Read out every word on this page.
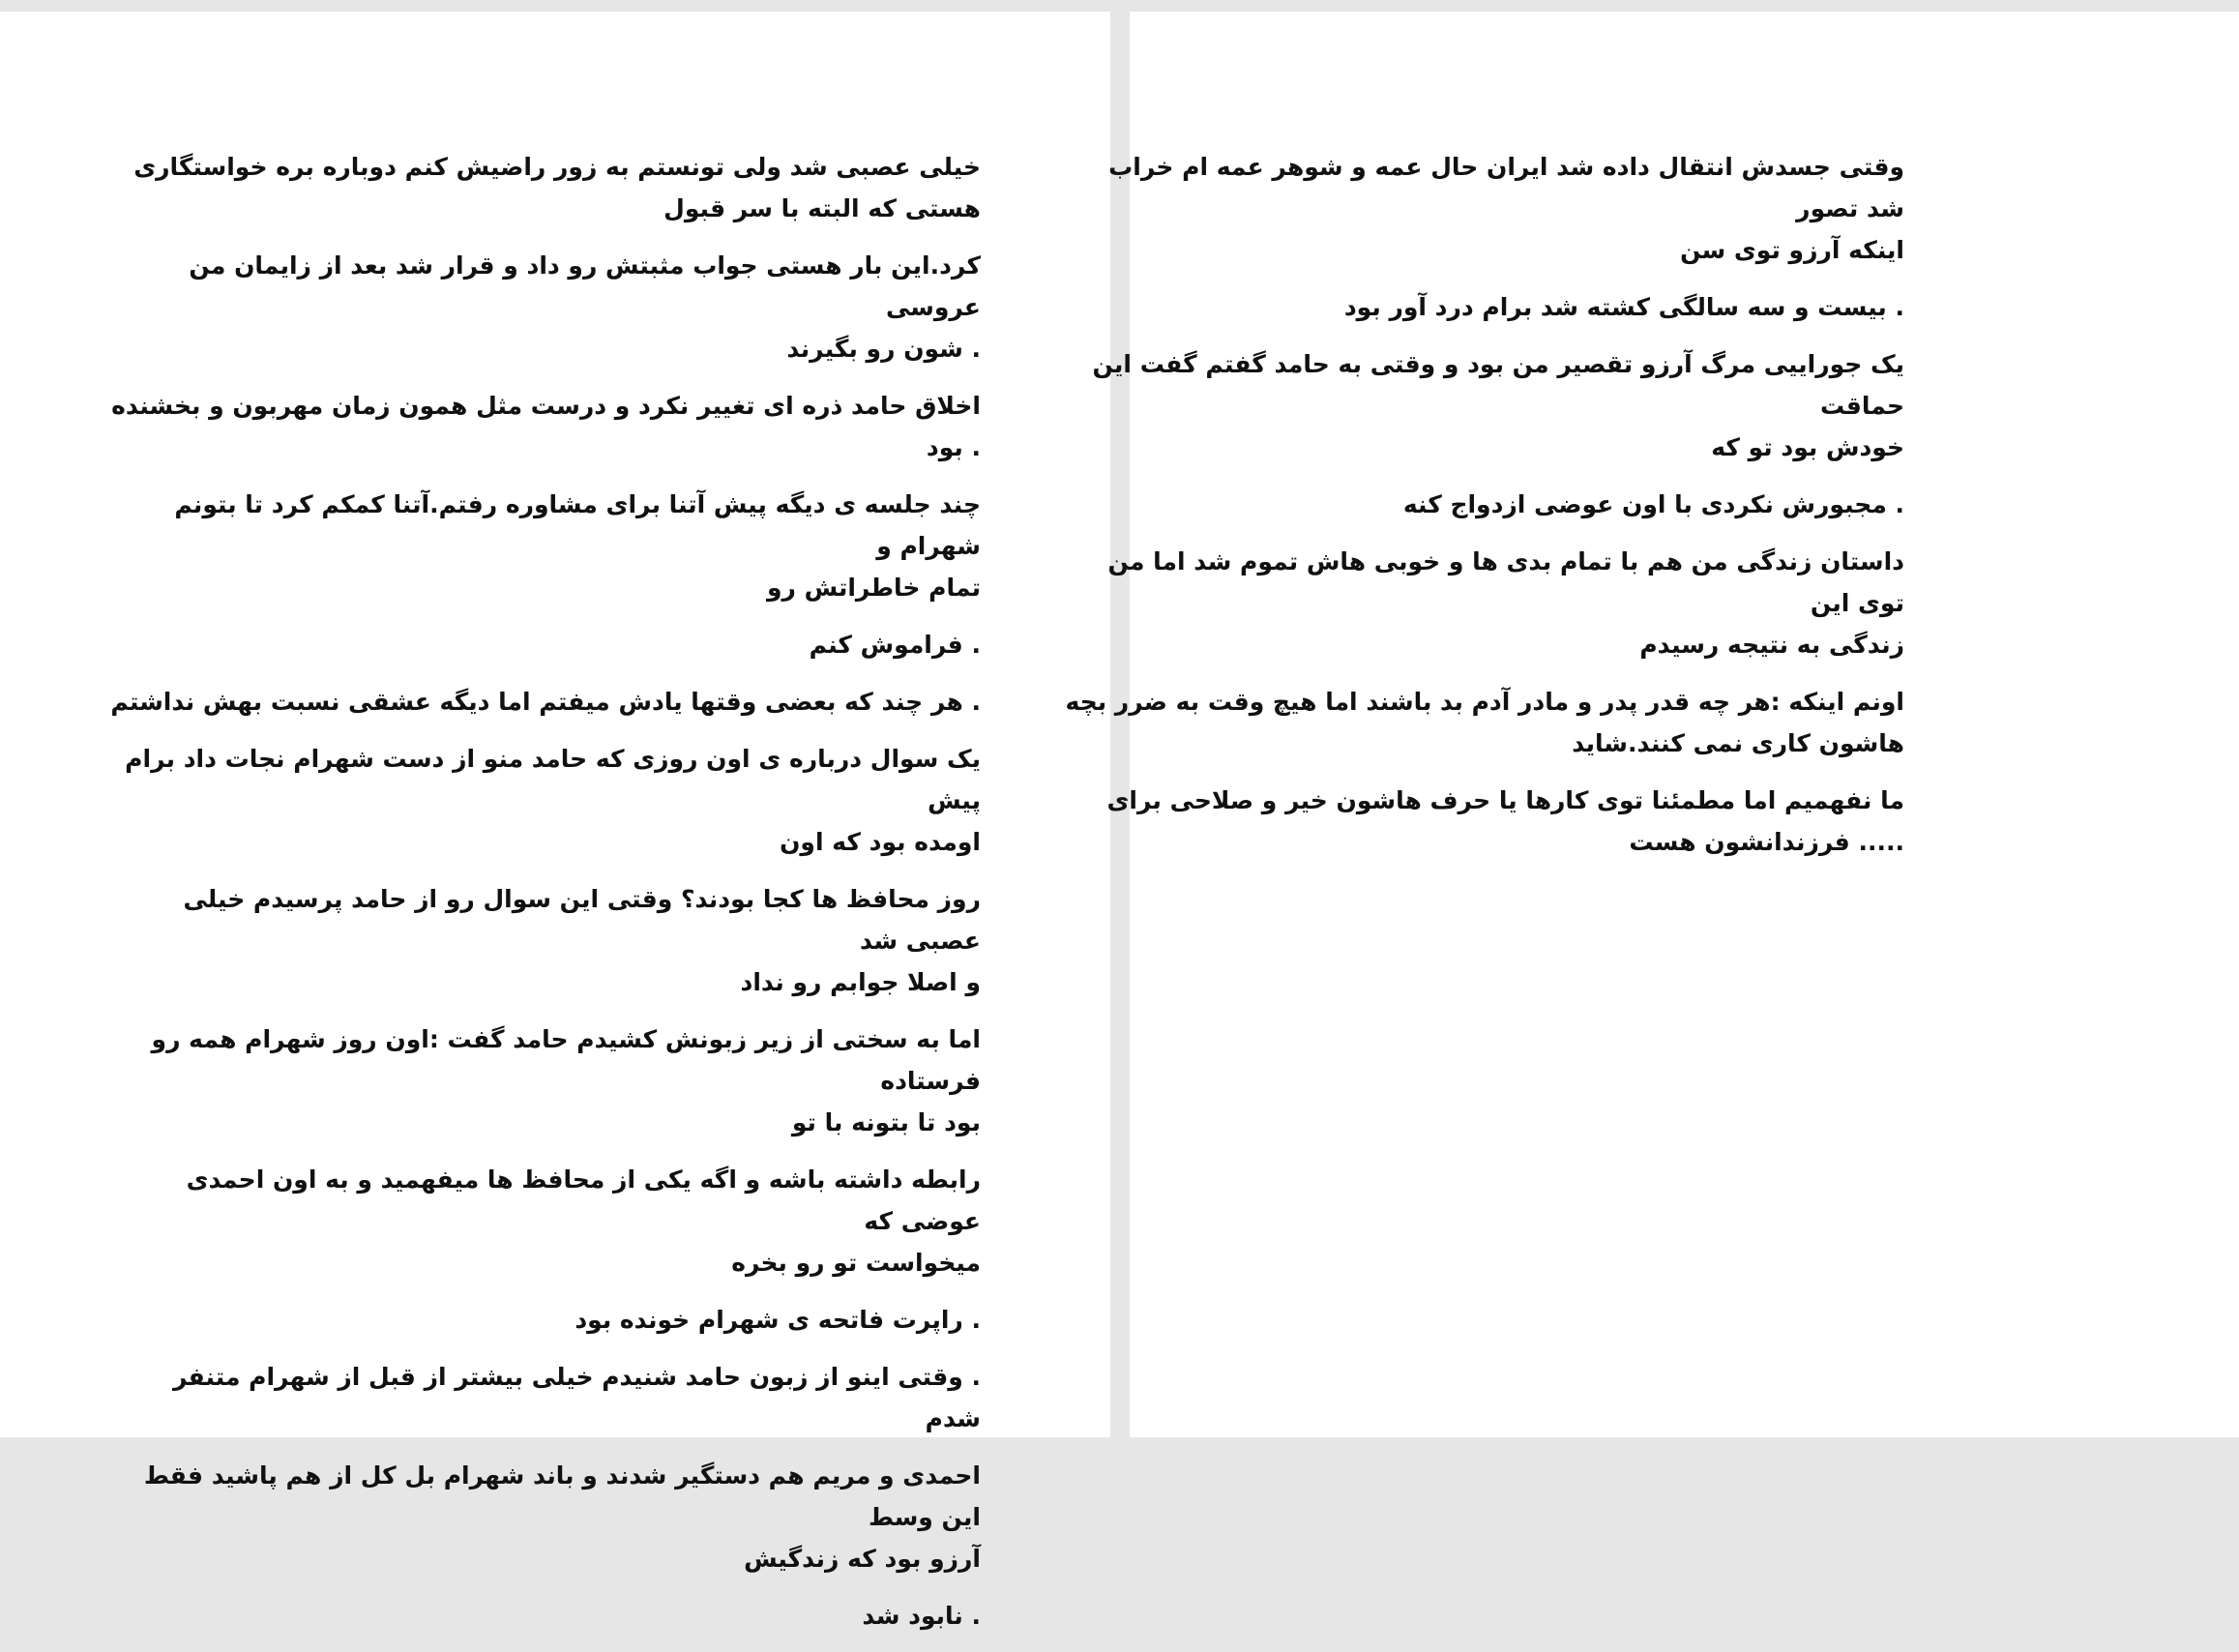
خیلی عصبی شد ولی تونستم به زور راضیش کنم دوباره بره خواستگاری
هستی که البته با سر قبول

کرد.این بار هستی جواب مثبتش رو داد و قرار شد بعد از زایمان من عروسی
. شون رو بگیرند

اخلاق حامد ذره ای تغییر نکرد و درست مثل همون زمان مهربون و بخشنده
. بود

چند جلسه ی دیگه پیش آتنا برای مشاوره رفتم.آتنا کمکم کرد تا بتونم شهرام و
تمام خاطراتش رو

. فراموش کنم

. هر چند که بعضی وقتها یادش میفتم اما دیگه عشقی نسبت بهش نداشتم

یک سوال درباره ی اون روزی که حامد منو از دست شهرام نجات داد برام پیش
اومده بود که اون

روز محافظ ها کجا بودند؟ وقتی این سوال رو از حامد پرسیدم خیلی عصبی شد
و اصلا جوابم رو نداد

اما به سختی از زیر زبونش کشیدم حامد گفت :اون روز شهرام همه رو فرستاده
بود تا بتونه با تو

رابطه داشته باشه و اگه یکی از محافظ ها میفهمید و به اون احمدی عوضی که
میخواست تو رو بخره

. راپرت فاتحه ی شهرام خونده بود

. وقتی اینو از زبون حامد شنیدم خیلی بیشتر از قبل از شهرام متنفر شدم

احمدی و مریم هم دستگیر شدند و باند شهرام بل کل از هم پاشید فقط این وسط
آرزو بود که زندگیش

. نابود شد

وقتی جسدش انتقال داده شد ایران حال عمه و شوهر عمه ام خراب شد تصور
اینکه آرزو توی سن

. بیست و سه سالگی کشته شد برام درد آور بود

یک جوراییی مرگ آرزو تقصیر من بود و وقتی به حامد گفتم گفت این حماقت
خودش بود تو که

. مجبورش نکردی با اون عوضی ازدواج کنه

داستان زندگی من هم با تمام بدی ها و خوبی هاش تموم شد اما من توی این
زندگی به نتیجه رسیدم

اونم اینکه :هر چه قدر پدر و مادر آدم بد باشند اما هیچ وقت به ضرر بچه
هاشون کاری نمی کنند.شاید

ما نفهمیم اما مطمئنا توی کارها یا حرف هاشون خیر و صلاحی برای
..... فرزندانشون هست
